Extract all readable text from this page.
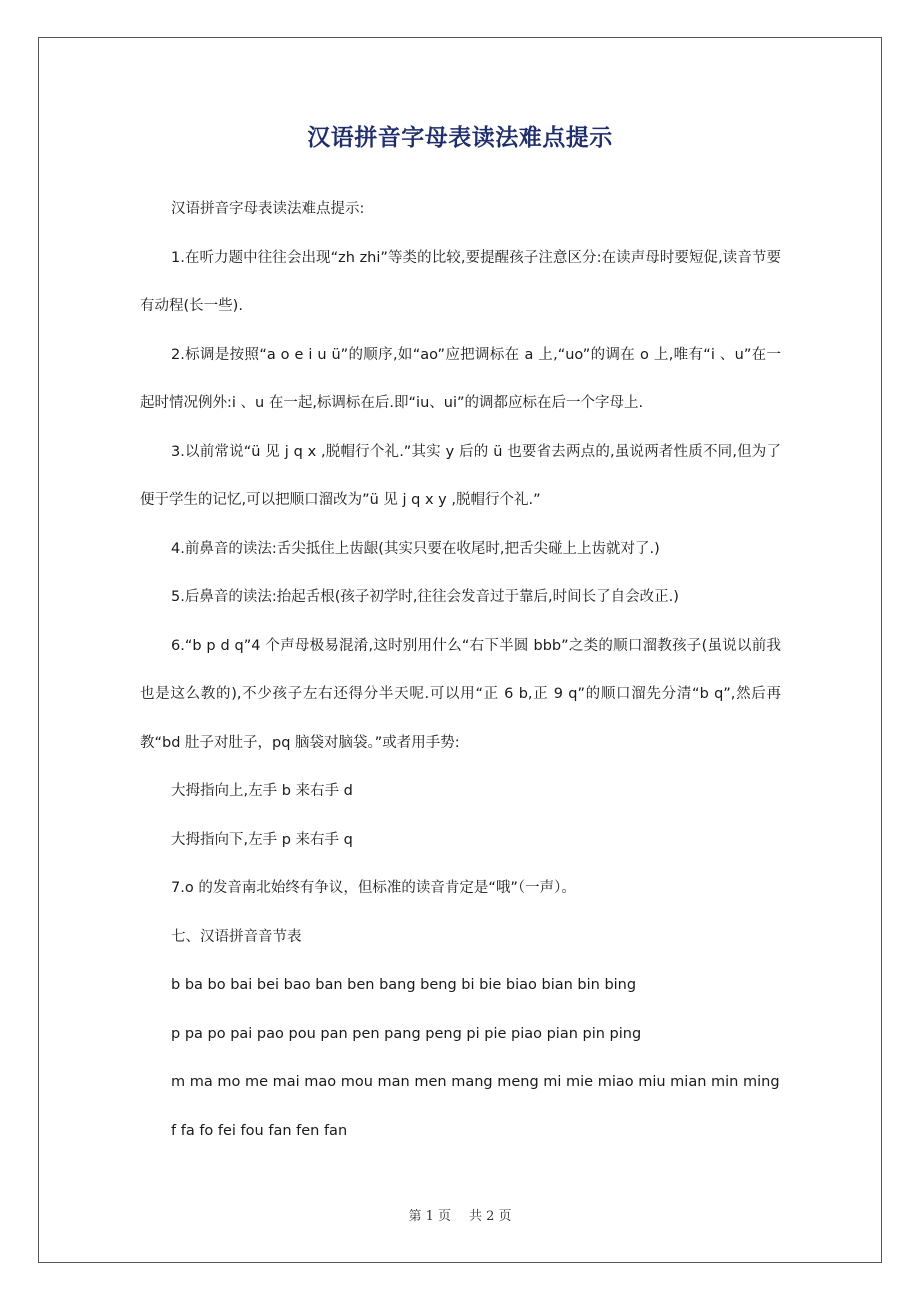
汉语拼音字母表读法难点提示

汉语拼音字母表读法难点提示:

1.在听力题中往往会出现“zh zhi”等类的比较,要提醒孩子注意区分:在读声母时要短促,读音节要有动程(长一些).

2.标调是按照“a o e i u ü”的顺序,如“ao”应把调标在 a 上,“uo”的调在 o 上,唯有“i 、u”在一起时情况例外:i 、u 在一起,标调标在后.即“iu、ui”的调都应标在后一个字母上.

3.以前常说“ü 见 j q x ,脱帽行个礼.”其实 y 后的 ü 也要省去两点的,虽说两者性质不同,但为了便于学生的记忆,可以把顺口溜改为”ü 见 j q x y ,脱帽行个礼.”

4.前鼻音的读法:舌尖抵住上齿龈(其实只要在收尾时,把舌尖碰上上齿就对了.)

5.后鼻音的读法:抬起舌根(孩子初学时,往往会发音过于靠后,时间长了自会改正.)

6.“b p d q”4 个声母极易混淆,这时别用什么“右下半圆 bbb”之类的顺口溜教孩子(虽说以前我也是这么教的),不少孩子左右还得分半天呢.可以用“正 6 b,正 9 q”的顺口溜先分清“b q”,然后再教“bd 肚子对肚子，pq 脑袋对脑袋。”或者用手势:

大拇指向上,左手 b 来右手 d

大拇指向下,左手 p 来右手 q

7.o 的发音南北始终有争议，但标准的读音肯定是“哦”（一声）。

七、汉语拼音音节表

b ba bo bai bei bao ban ben bang beng bi bie biao bian bin bing

p pa po pai pao pou pan pen pang peng pi pie piao pian pin ping

m ma mo me mai mao mou man men mang meng mi mie miao miu mian min ming

f fa fo fei fou fan fen fan

第 1 页 共 2 页
